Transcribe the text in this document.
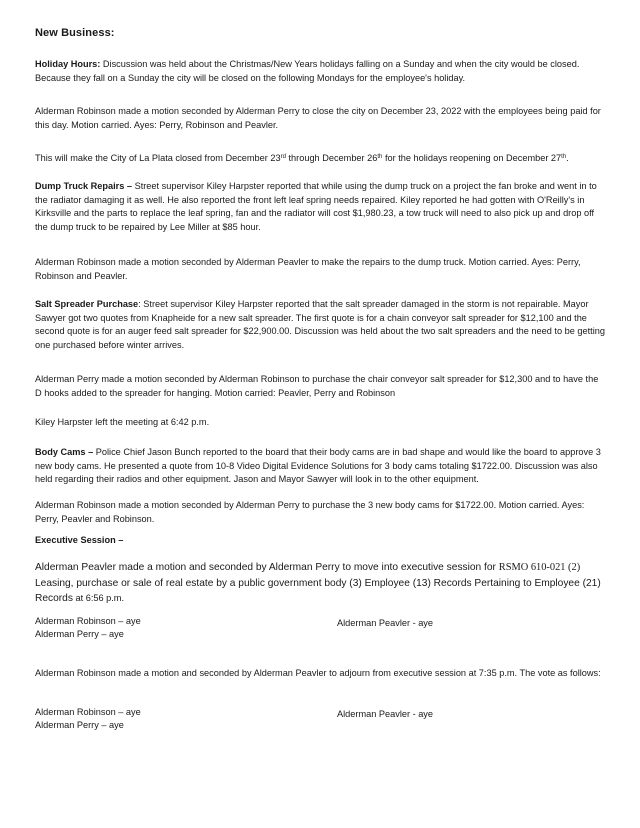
New Business:

Holiday Hours: Discussion was held about the Christmas/New Years holidays falling on a Sunday and when the city would be closed. Because they fall on a Sunday the city will be closed on the following Mondays for the employee's holiday.

Alderman Robinson made a motion seconded by Alderman Perry to close the city on December 23, 2022 with the employees being paid for this day. Motion carried. Ayes: Perry, Robinson and Peavler.

This will make the City of La Plata closed from December 23rd through December 26th for the holidays reopening on December 27th.

Dump Truck Repairs – Street supervisor Kiley Harpster reported that while using the dump truck on a project the fan broke and went in to the radiator damaging it as well. He also reported the front left leaf spring needs repaired. Kiley reported he had gotten with O'Reilly's in Kirksville and the parts to replace the leaf spring, fan and the radiator will cost $1,980.23, a tow truck will need to also pick up and drop off the dump truck to be repaired by Lee Miller at $85 hour.

Alderman Robinson made a motion seconded by Alderman Peavler to make the repairs to the dump truck. Motion carried. Ayes: Perry, Robinson and Peavler.

Salt Spreader Purchase: Street supervisor Kiley Harpster reported that the salt spreader damaged in the storm is not repairable. Mayor Sawyer got two quotes from Knapheide for a new salt spreader. The first quote is for a chain conveyor salt spreader for $12,100 and the second quote is for an auger feed salt spreader for $22,900.00. Discussion was held about the two salt spreaders and the need to be getting one purchased before winter arrives.

Alderman Perry made a motion seconded by Alderman Robinson to purchase the chair conveyor salt spreader for $12,300 and to have the D hooks added to the spreader for hanging. Motion carried: Peavler, Perry and Robinson

Kiley Harpster left the meeting at 6:42 p.m.

Body Cams – Police Chief Jason Bunch reported to the board that their body cams are in bad shape and would like the board to approve 3 new body cams. He presented a quote from 10-8 Video Digital Evidence Solutions for 3 body cams totaling $1722.00. Discussion was also held regarding their radios and other equipment. Jason and Mayor Sawyer will look in to the other equipment.

Alderman Robinson made a motion seconded by Alderman Perry to purchase the 3 new body cams for $1722.00. Motion carried. Ayes: Perry, Peavler and Robinson.

Executive Session –

Alderman Peavler made a motion and seconded by Alderman Perry to move into executive session for RSMO 610-021 (2) Leasing, purchase or sale of real estate by a public government body (3) Employee (13) Records Pertaining to Employee (21) Records at 6:56 p.m.

Alderman Robinson – aye
Alderman Perry – aye
Alderman Peavler - aye

Alderman Robinson made a motion and seconded by Alderman Peavler to adjourn from executive session at 7:35 p.m. The vote as follows:

Alderman Robinson – aye
Alderman Perry – aye
Alderman Peavler - aye
